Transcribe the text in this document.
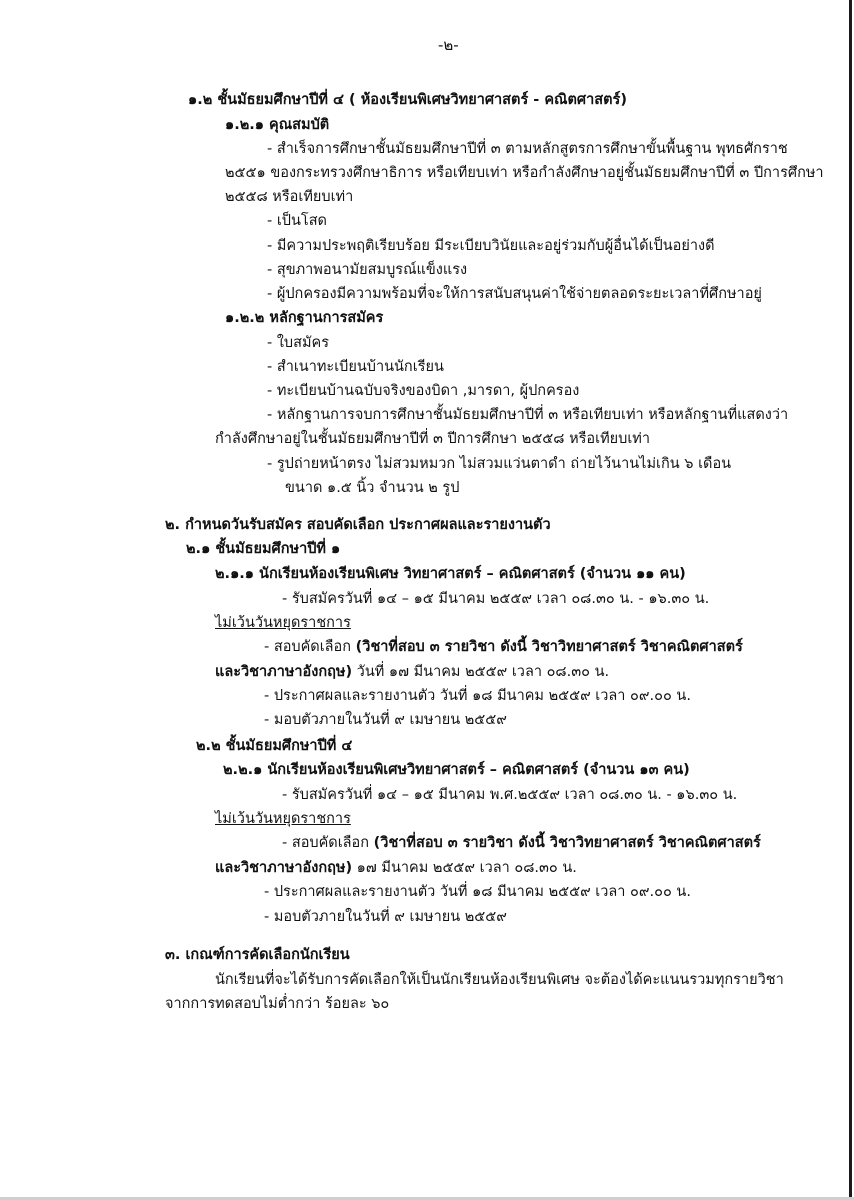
-๒-
๑.๒ ชั้นมัธยมศึกษาปีที่ ๔ ( ห้องเรียนพิเศษวิทยาศาสตร์ - คณิตศาสตร์)
๑.๒.๑ คุณสมบัติ
- สำเร็จการศึกษาชั้นมัธยมศึกษาปีที่ ๓ ตามหลักสูตรการศึกษาขั้นพื้นฐาน พุทธศักราช
๒๕๕๑ ของกระทรวงศึกษาธิการ หรือเทียบเท่า หรือกำลังศึกษาอยู่ชั้นมัธยมศึกษาปีที่ ๓ ปีการศึกษา
๒๕๕๘ หรือเทียบเท่า
- เป็นโสด
- มีความประพฤติเรียบร้อย มีระเบียบวินัยและอยู่ร่วมกับผู้อื่นได้เป็นอย่างดี
- สุขภาพอนามัยสมบูรณ์แข็งแรง
- ผู้ปกครองมีความพร้อมที่จะให้การสนับสนุนค่าใช้จ่ายตลอดระยะเวลาที่ศึกษาอยู่
๑.๒.๒ หลักฐานการสมัคร
- ใบสมัคร
- สำเนาทะเบียนบ้านนักเรียน
- ทะเบียนบ้านฉบับจริงของบิดา ,มารดา, ผู้ปกครอง
- หลักฐานการจบการศึกษาชั้นมัธยมศึกษาปีที่ ๓ หรือเทียบเท่า หรือหลักฐานที่แสดงว่า
กำลังศึกษาอยู่ในชั้นมัธยมศึกษาปีที่ ๓ ปีการศึกษา ๒๕๕๘ หรือเทียบเท่า
- รูปถ่ายหน้าตรง ไม่สวมหมวก ไม่สวมแว่นตาดำ ถ่ายไว้นานไม่เกิน ๖ เดือน
ขนาด ๑.๕ นิ้ว จำนวน ๒ รูป
๒. กำหนดวันรับสมัคร สอบคัดเลือก ประกาศผลและรายงานตัว
๒.๑ ชั้นมัธยมศึกษาปีที่ ๑
๒.๑.๑ นักเรียนห้องเรียนพิเศษ วิทยาศาสตร์ – คณิตศาสตร์ (จำนวน ๑๑ คน)
- รับสมัครวันที่ ๑๔ – ๑๕ มีนาคม ๒๕๕๙ เวลา ๐๘.๓๐ น. - ๑๖.๓๐ น.
ไม่เว้นวันหยุดราชการ
- สอบคัดเลือก (วิชาที่สอบ ๓ รายวิชา ดังนี้ วิชาวิทยาศาสตร์ วิชาคณิตศาสตร์
และวิชาภาษาอังกฤษ) วันที่ ๑๗ มีนาคม ๒๕๕๙ เวลา ๐๘.๓๐ น.
- ประกาศผลและรายงานตัว วันที่ ๑๘ มีนาคม ๒๕๕๙ เวลา ๐๙.๐๐ น.
- มอบตัวภายในวันที่ ๙ เมษายน ๒๕๕๙
๒.๒ ชั้นมัธยมศึกษาปีที่ ๔
๒.๒.๑ นักเรียนห้องเรียนพิเศษวิทยาศาสตร์ – คณิตศาสตร์ (จำนวน ๑๓ คน)
- รับสมัครวันที่ ๑๔ – ๑๕ มีนาคม พ.ศ.๒๕๕๙ เวลา ๐๘.๓๐ น. - ๑๖.๓๐ น.
ไม่เว้นวันหยุดราชการ
- สอบคัดเลือก (วิชาที่สอบ ๓ รายวิชา ดังนี้ วิชาวิทยาศาสตร์ วิชาคณิตศาสตร์
และวิชาภาษาอังกฤษ) ๑๗ มีนาคม ๒๕๕๙ เวลา ๐๘.๓๐ น.
- ประกาศผลและรายงานตัว วันที่ ๑๘ มีนาคม ๒๕๕๙ เวลา ๐๙.๐๐ น.
- มอบตัวภายในวันที่ ๙ เมษายน ๒๕๕๙
๓. เกณฑ์การคัดเลือกนักเรียน
นักเรียนที่จะได้รับการคัดเลือกให้เป็นนักเรียนห้องเรียนพิเศษ จะต้องได้คะแนนรวมทุกรายวิชา
จากการทดสอบไม่ต่ำกว่า ร้อยละ ๖๐
